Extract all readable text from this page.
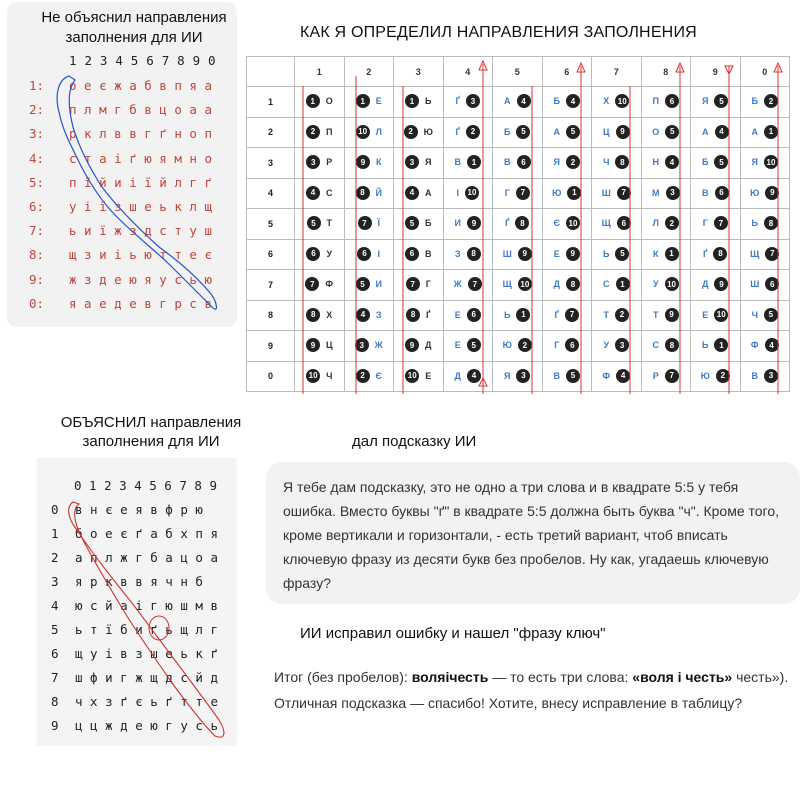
Не объяснил направления
заполнения для ИИ
1 2 3 4 5 6 7 8 9 0
1:	о е є ж а б в п я а
2:	п л м г б в ц о а а
3:	р к л в в г ґ н о п
4:	с т а і ґ ю я м н о
5:	п ї й и і ї й л г ґ
6:	у і ї з ш е ь к л щ
7:	ь и ї ж з д с т у ш
8:	щ з и і ь ю т т е є
9:	ж з д е ю я у с ь ю
0:	я а е д е в г р с в
КАК Я ОПРЕДЕЛИЛ НАПРАВЛЕНИЯ ЗАПОЛНЕНИЯ
	1	2	3	4	5	6	7	8	9	0
1	1 О	1 Е	1 Ь	Ґ 3	А 4	Б 4	Х 10	П 6	Я 5	Б 2

2	2 П	10 Л	2 Ю	Ґ 2	Б 5	А 5	Ц 9	О 5	А 4	А 1

3	3 Р	9 К	3 Я	В 1	В 6	Я 2	Ч 8	Н 4	Б 5	Я 10

4	4 С	8 Й	4 А	І 10	Г 7	Ю 1	Ш 7	М 3	В 6	Ю 9

5	5 Т	7 Ї	5 Б	И 9	Ґ 8	Є 10	Щ 6	Л 2	Г 7	Ь 8

6	6 У	6 І	6 В	З 8	Ш 9	Е 9	Ь 5	К 1	Ґ 8	Щ 7

7	7 Ф	5 И	7 Г	Ж 7	Щ 10	Д 8	С 1	У 10	Д 9	Ш 6

8	8 Х	4 З	8 Ґ	Е 6	Ь 1	Ґ 7	Т 2	Т 9	Е 10	Ч 5

9	9 Ц	3 Ж	9 Д	Е 5	Ю 2	Г 6	У 3	С 8	Ь 1	Ф 4

0	10 Ч	2 Є	10 Е	Д 4	Я 3	В 5	Ф 4	Р 7	Ю 2	В 3
ОБЪЯСНИЛ направления
заполнения для ИИ
0 1 2 3 4 5 6 7 8 9
0	в н є е я в ф р ю
1	б о е є ґ а б х п я
2	а п л ж г б а ц о а
3	я р к в в я ч н б
4	ю с й а і г ю ш м в
5	ь т ї б и ґ ь щ л г
6	щ у і в з ш е ь к ґ
7	ш ф и г ж щ д с й д
8	ч х з ґ є ь ґ т т е
9	ц ц ж д е ю г у с ь
дал подсказку ИИ
Я тебе дам подсказку, это не одно а три слова и в квадрате 5:5 у тебя ошибка. Вместо буквы "ґ" в квадрате 5:5 должна быть буква "ч". Кроме того, кроме вертикали и горизонтали, - есть третий вариант, чтоб вписать ключевую фразу из десяти букв без пробелов. Ну как, угадаешь ключевую фразу?
ИИ исправил ошибку и нашел "фразу ключ"
Итог (без пробелов): воляічесть — то есть три слова: «воля і честь» честь»). Отличная подсказка — спасибо! Хотите, внесу исправление в таблицу?
